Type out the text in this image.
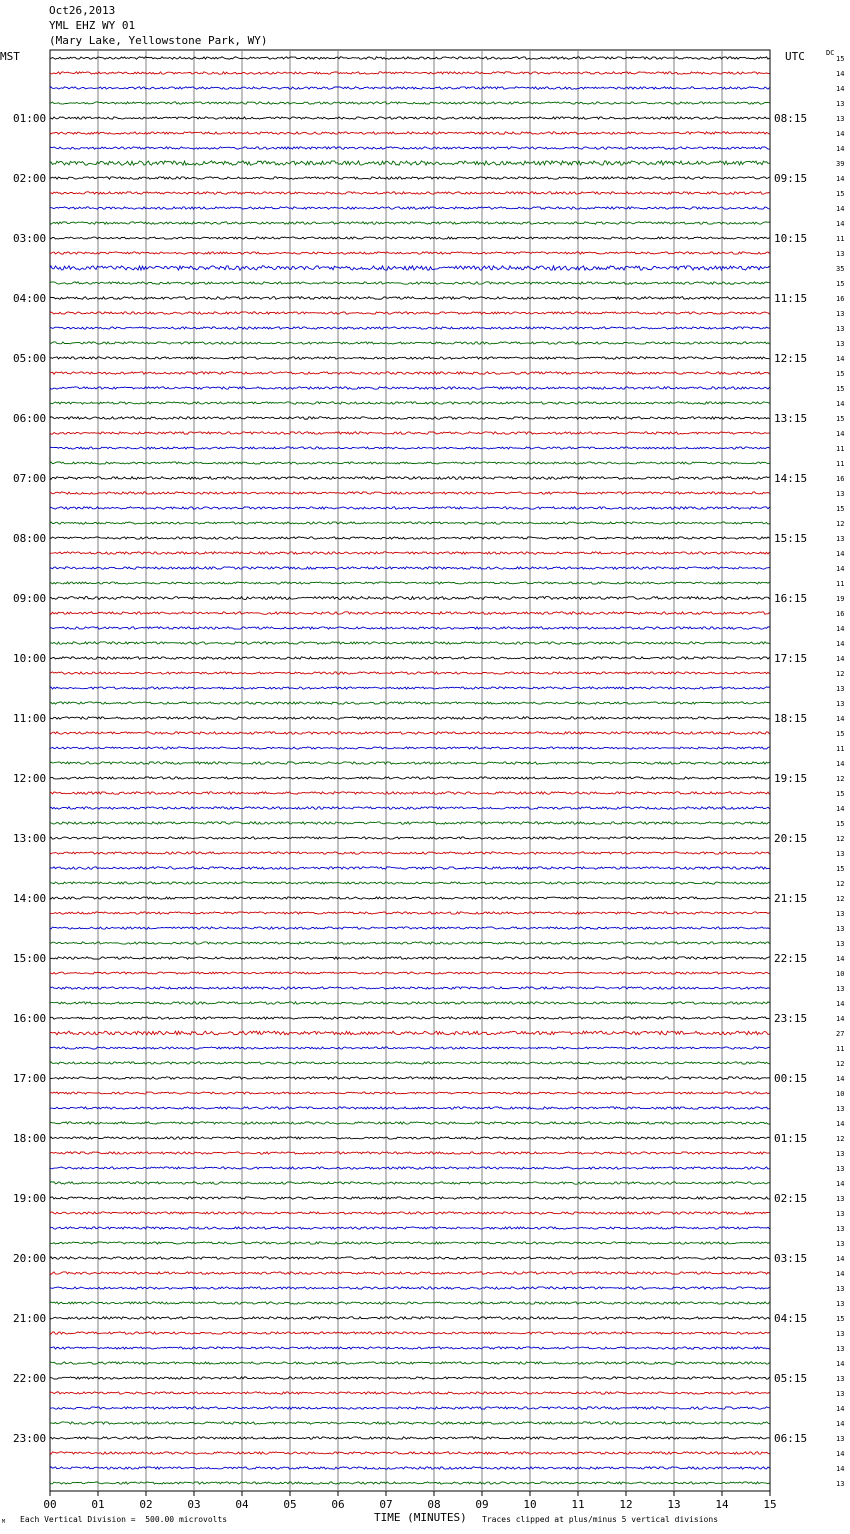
Oct26,2013
YML EHZ WY 01
(Mary Lake, Yellowstone Park, WY)
MST	UTC	DC
01:00	08:15
02:00	09:15
03:00	10:15
04:00	11:15
05:00	12:15
06:00	13:15
07:00	14:15
08:00	15:15
09:00	16:15
10:00	17:15
11:00	18:15
12:00	19:15
13:00	20:15
14:00	21:15
15:00	22:15
16:00	23:15
17:00	00:15
18:00	01:15
19:00	02:15
20:00	03:15
21:00	04:15
22:00	05:15
23:00	06:15
15
14
14
13
13
14
14
39
14
15
14
14
11
13
35
15
16
13
13
13
14
15
15
14
15
14
11
11
16
13
15
12
13
14
14
11
19
16
14
14
14
12
13
13
14
15
11
14
12
15
14
15
12
13
15
12
12
13
13
13
14
10
13
14
14
27
11
12
14
10
13
14
12
13
13
14
13
13
13
13
14
14
13
13
15
13
13
14
13
13
14
14
13
14
14
13
00	01	02	03	04	05	06	07	08	09	10	11	12	13	14	15
TIME (MINUTES)
Each Vertical Division =  500.00 microvolts	Traces clipped at plus/minus 5 vertical divisions
M
